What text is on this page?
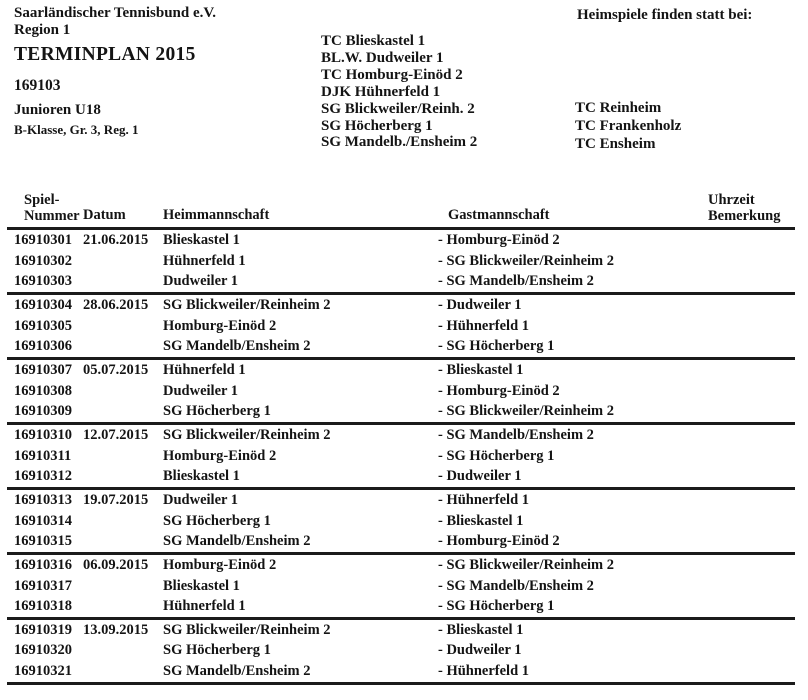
Saarländischer Tennisbund e.V.
Region 1
TERMINPLAN 2015
169103
Junioren U18
B-Klasse, Gr. 3, Reg. 1
TC Blieskastel 1
BL.W. Dudweiler 1
TC Homburg-Einöd 2
DJK Hühnerfeld 1
SG Blickweiler/Reinh. 2
SG Höcherberg 1
SG Mandelb./Ensheim 2
Heimspiele finden statt bei:
TC Reinheim
TC Frankenholz
TC Ensheim
Spiel-
Nummer Datum	Heimmannschaft	Gastmannschaft
Uhrzeit
Bemerkung
16910301 21.06.2015	Blieskastel 1	- Homburg-Einöd 2
16910302	Hühnerfeld 1	- SG Blickweiler/Reinheim 2
16910303	Dudweiler 1	- SG Mandelb/Ensheim 2
16910304 28.06.2015	SG Blickweiler/Reinheim 2	- Dudweiler 1
16910305	Homburg-Einöd 2	- Hühnerfeld 1
16910306	SG Mandelb/Ensheim 2	- SG Höcherberg 1
16910307 05.07.2015	Hühnerfeld 1	- Blieskastel 1
16910308	Dudweiler 1	- Homburg-Einöd 2
16910309	SG Höcherberg 1	- SG Blickweiler/Reinheim 2
16910310 12.07.2015	SG Blickweiler/Reinheim 2	- SG Mandelb/Ensheim 2
16910311	Homburg-Einöd 2	- SG Höcherberg 1
16910312	Blieskastel 1	- Dudweiler 1
16910313 19.07.2015	Dudweiler 1	- Hühnerfeld 1
16910314	SG Höcherberg 1	- Blieskastel 1
16910315	SG Mandelb/Ensheim 2	- Homburg-Einöd 2
16910316 06.09.2015	Homburg-Einöd 2	- SG Blickweiler/Reinheim 2
16910317	Blieskastel 1	- SG Mandelb/Ensheim 2
16910318	Hühnerfeld 1	- SG Höcherberg 1
16910319 13.09.2015	SG Blickweiler/Reinheim 2	- Blieskastel 1
16910320	SG Höcherberg 1	- Dudweiler 1
16910321	SG Mandelb/Ensheim 2	- Hühnerfeld 1
